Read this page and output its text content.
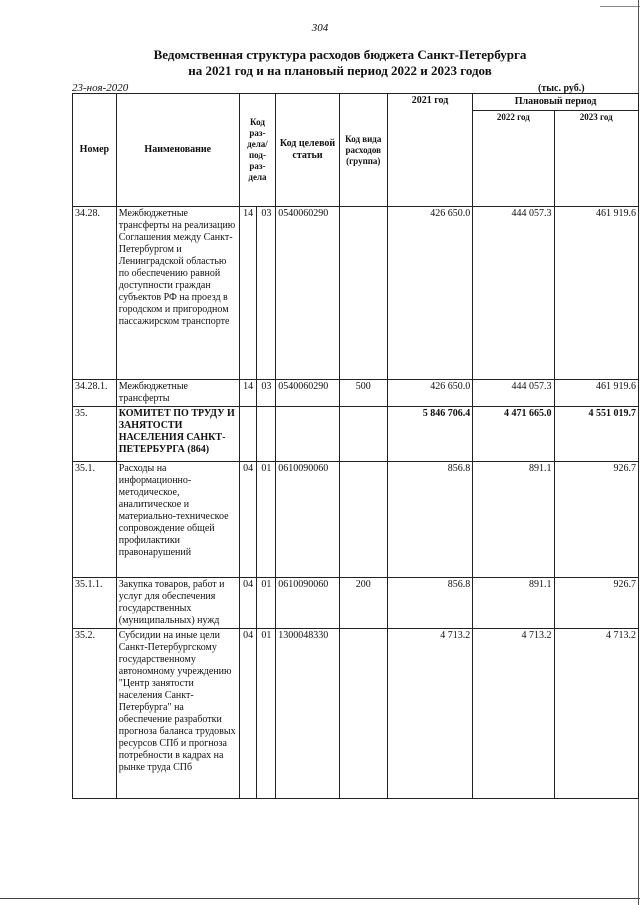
304
Ведомственная структура расходов бюджета Санкт-Петербурга
на 2021 год и на плановый период 2022 и 2023 годов
23-ноя-2020	(тыс. руб.)
Номер	Наименование	Код раз-дела/ под-раз-дела		Код целевой статьи	Код вида расходов (группа)	2021 год	Плановый период	
							2022 год	2023 год
34.28.	Межбюджетные трансферты на реализацию Соглашения между Санкт-Петербургом и Ленинградской областью по обеспечению равной доступности граждан субъектов РФ на проезд в городском и пригородном пассажирском транспорте	14	03	0540060290		426 650.0	444 057.3	461 919.6
34.28.1.	Межбюджетные трансферты	14	03	0540060290	500	426 650.0	444 057.3	461 919.6
35.	КОМИТЕТ ПО ТРУДУ И ЗАНЯТОСТИ НАСЕЛЕНИЯ САНКТ-ПЕТЕРБУРГА (864)					5 846 706.4	4 471 665.0	4 551 019.7
35.1.	Расходы на информационно-методическое, аналитическое и материально-техническое сопровождение общей профилактики правонарушений	04	01	0610090060		856.8	891.1	926.7
35.1.1.	Закупка товаров, работ и услуг для обеспечения государственных (муниципальных) нужд	04	01	0610090060	200	856.8	891.1	926.7
35.2.	Субсидии на иные цели Санкт-Петербургскому государственному автономному учреждению "Центр занятости населения Санкт-Петербурга" на обеспечение разработки прогноза баланса трудовых ресурсов СПб и прогноза потребности в кадрах на рынке труда СПб	04	01	1300048330		4 713.2	4 713.2	4 713.2
